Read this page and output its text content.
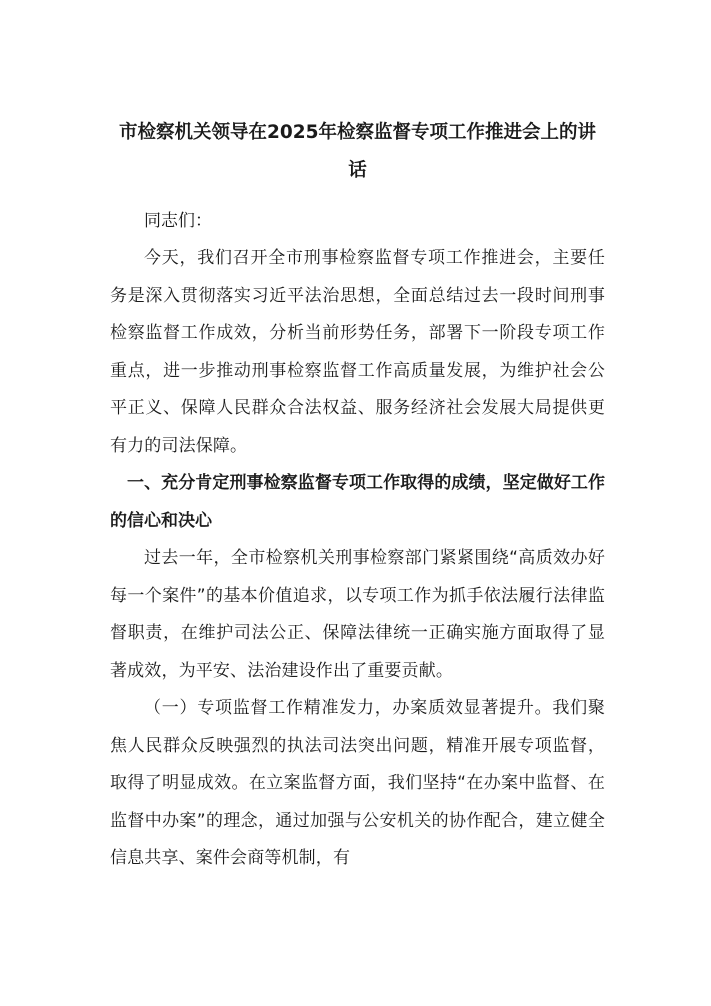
市检察机关领导在2025年检察监督专项工作推进会上的讲话

同志们：

今天，我们召开全市刑事检察监督专项工作推进会，主要任务是深入贯彻落实习近平法治思想，全面总结过去一段时间刑事检察监督工作成效，分析当前形势任务，部署下一阶段专项工作重点，进一步推动刑事检察监督工作高质量发展，为维护社会公平正义、保障人民群众合法权益、服务经济社会发展大局提供更有力的司法保障。

一、充分肯定刑事检察监督专项工作取得的成绩，坚定做好工作的信心和决心

过去一年，全市检察机关刑事检察部门紧紧围绕“高质效办好每一个案件”的基本价值追求，以专项工作为抓手依法履行法律监督职责，在维护司法公正、保障法律统一正确实施方面取得了显著成效，为平安、法治建设作出了重要贡献。

（一）专项监督工作精准发力，办案质效显著提升。我们聚焦人民群众反映强烈的执法司法突出问题，精准开展专项监督，取得了明显成效。在立案监督方面，我们坚持“在办案中监督、在监督中办案”的理念，通过加强与公安机关的协作配合，建立健全信息共享、案件会商等机制，有
